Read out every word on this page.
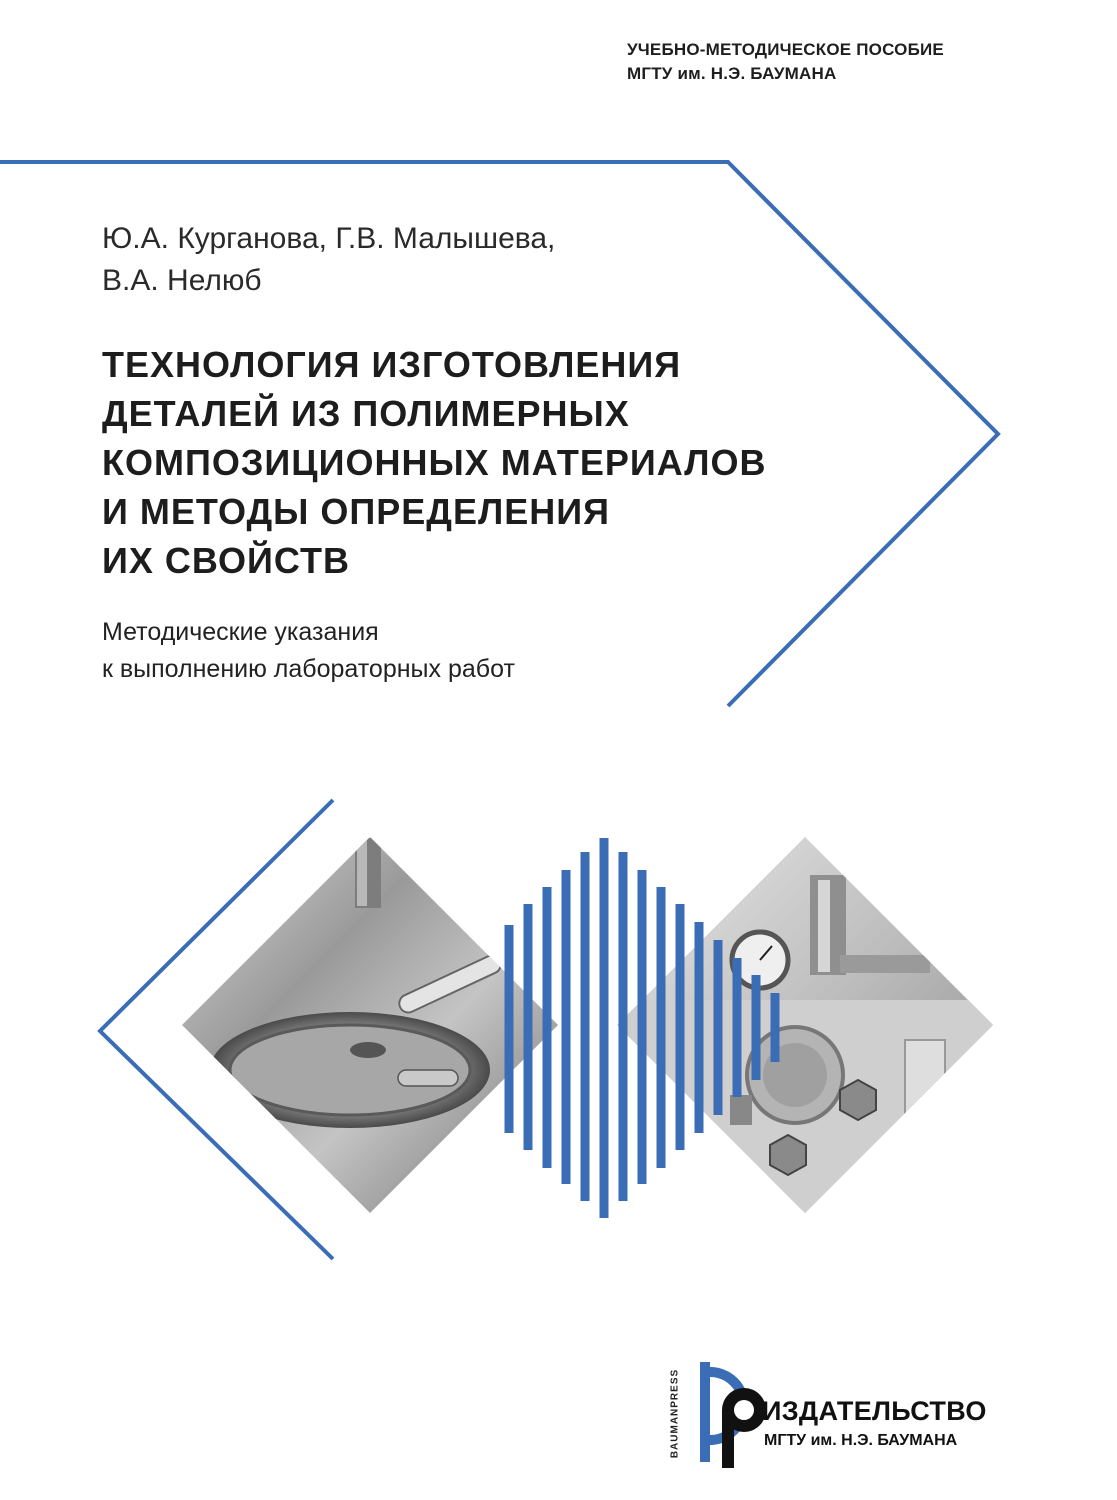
УЧЕБНО-МЕТОДИЧЕСКОЕ ПОСОБИЕ
МГТУ им. Н.Э. БАУМАНА
Ю.А. Курганова, Г.В. Малышева,
В.А. Нелюб
ТЕХНОЛОГИЯ ИЗГОТОВЛЕНИЯ
ДЕТАЛЕЙ ИЗ ПОЛИМЕРНЫХ
КОМПОЗИЦИОННЫХ МАТЕРИАЛОВ
И МЕТОДЫ ОПРЕДЕЛЕНИЯ
ИХ СВОЙСТВ
Методические указания
к выполнению лабораторных работ
BAUMANPRESS	ИЗДАТЕЛЬСТВО
МГТУ им. Н.Э. БАУМАНА
